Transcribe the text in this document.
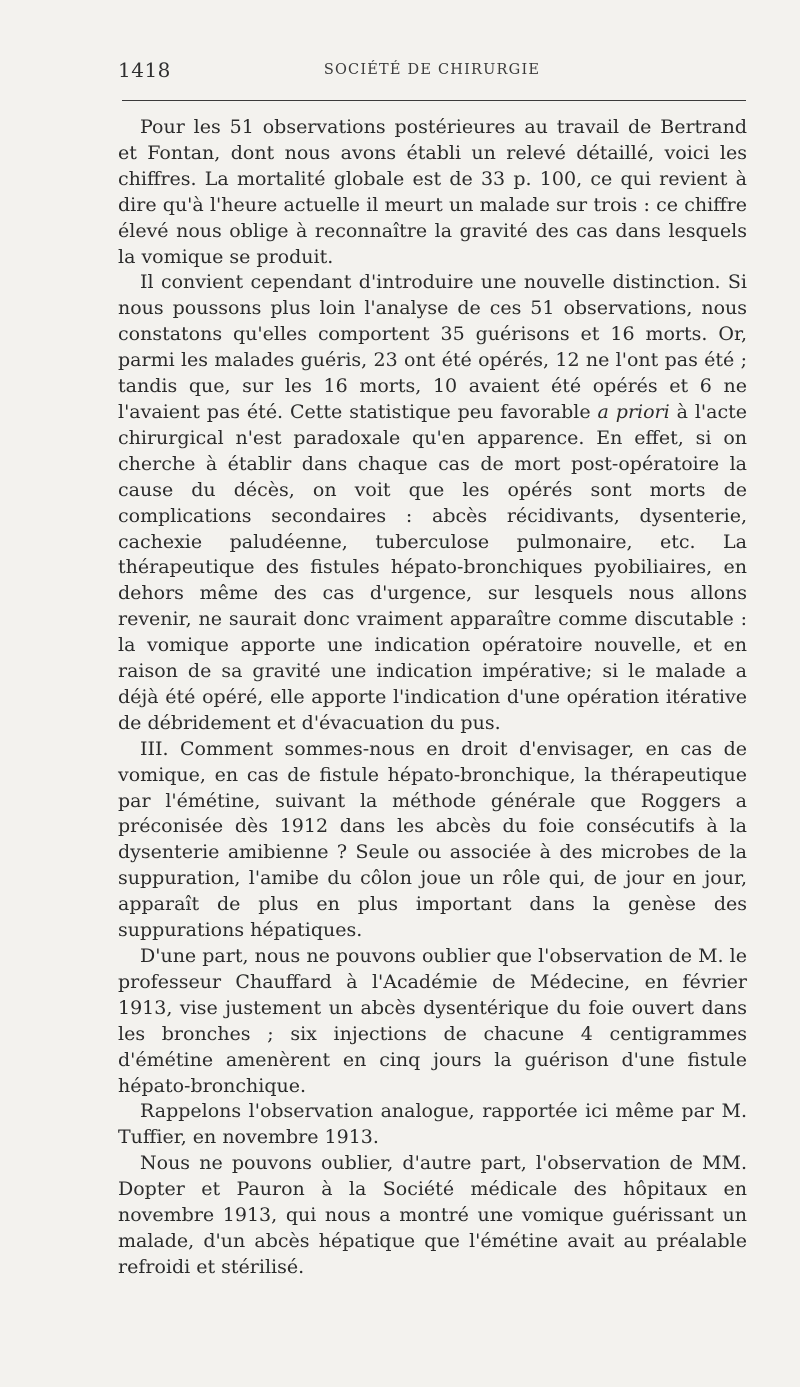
1418	SOCIÉTÉ DE CHIRURGIE

Pour les 51 observations postérieures au travail de Bertrand et Fontan, dont nous avons établi un relevé détaillé, voici les chiffres. La mortalité globale est de 33 p. 100, ce qui revient à dire qu'à l'heure actuelle il meurt un malade sur trois : ce chiffre élevé nous oblige à reconnaître la gravité des cas dans lesquels la vomique se produit.

Il convient cependant d'introduire une nouvelle distinction. Si nous poussons plus loin l'analyse de ces 51 observations, nous constatons qu'elles comportent 35 guérisons et 16 morts. Or, parmi les malades guéris, 23 ont été opérés, 12 ne l'ont pas été ; tandis que, sur les 16 morts, 10 avaient été opérés et 6 ne l'avaient pas été. Cette statistique peu favorable a priori à l'acte chirurgical n'est paradoxale qu'en apparence. En effet, si on cherche à établir dans chaque cas de mort post-opératoire la cause du décès, on voit que les opérés sont morts de complications secondaires : abcès récidivants, dysenterie, cachexie paludéenne, tuberculose pulmonaire, etc. La thérapeutique des fistules hépato-bronchiques pyobiliaires, en dehors même des cas d'urgence, sur lesquels nous allons revenir, ne saurait donc vraiment apparaître comme discutable : la vomique apporte une indication opératoire nouvelle, et en raison de sa gravité une indication impérative; si le malade a déjà été opéré, elle apporte l'indication d'une opération itérative de débridement et d'évacuation du pus.

III. Comment sommes-nous en droit d'envisager, en cas de vomique, en cas de fistule hépato-bronchique, la thérapeutique par l'émétine, suivant la méthode générale que Roggers a préconisée dès 1912 dans les abcès du foie consécutifs à la dysenterie amibienne ? Seule ou associée à des microbes de la suppuration, l'amibe du côlon joue un rôle qui, de jour en jour, apparaît de plus en plus important dans la genèse des suppurations hépatiques.

D'une part, nous ne pouvons oublier que l'observation de M. le professeur Chauffard à l'Académie de Médecine, en février 1913, vise justement un abcès dysentérique du foie ouvert dans les bronches ; six injections de chacune 4 centigrammes d'émétine amenèrent en cinq jours la guérison d'une fistule hépato-bronchique.

Rappelons l'observation analogue, rapportée ici même par M. Tuffier, en novembre 1913.

Nous ne pouvons oublier, d'autre part, l'observation de MM. Dopter et Pauron à la Société médicale des hôpitaux en novembre 1913, qui nous a montré une vomique guérissant un malade, d'un abcès hépatique que l'émétine avait au préalable refroidi et stérilisé.
